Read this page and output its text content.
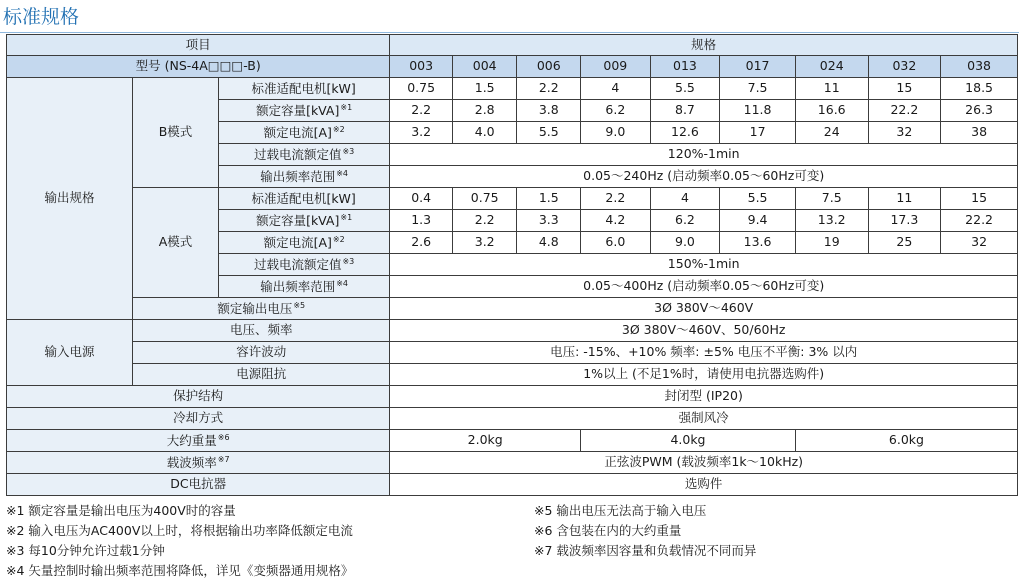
标准规格
项目			规格								
型号 (NS-4A□□□-B)			003	004	006	009	013	017	024	032	038
输出规格	B模式	标准适配电机[kW]	0.75	1.5	2.2	4	5.5	7.5	11	15	18.5
		额定容量[kVA]$^{※1}$	2.2	2.8	3.8	6.2	8.7	11.8	16.6	22.2	26.3
		额定电流$[A]^{※2}$	3.2	4.0	5.5	9.0	12.6	17	24	32	38
		过载电流额定值$^{※3}$	120%-1min								
		输出频率范围$^{※4}$	0.05～240Hz (启动频率0.05～60Hz可变)								
	A模式	标准适配电机[kW]	0.4	0.75	1.5	2.2	4	5.5	7.5	11	15
		额定容量[kVA]$^{※1}$	1.3	2.2	3.3	4.2	6.2	9.4	13.2	17.3	22.2
		额定电流$[A]^{※2}$	2.6	3.2	4.8	6.0	9.0	13.6	19	25	32
		过载电流额定值$^{※3}$	150%-1min								
		输出频率范围$^{※4}$	0.05～400Hz (启动频率0.05～60Hz可变)								
	额定输出电压$^{※5}$		3Ø 380V～460V								
输入电源	电压、频率		3Ø 380V～460V、50/60Hz								
	容许波动		电压: -15%、+10% 频率: ±5% 电压不平衡: 3% 以内								
	电源阻抗		1%以上 (不足1%时，请使用电抗器选购件)								
保护结构			封闭型 (IP20)								
冷却方式			强制风冷								
大约重量$^{※6}$			2.0kg			4.0kg			6.0kg		
载波频率$^{※7}$			正弦波PWM (载波频率1k～10kHz)								
DC电抗器			选购件								
※1 额定容量是输出电压为400V时的容量
※2 输入电压为AC400V以上时，将根据输出功率降低额定电流
※3 每10分钟允许过载1分钟
※4 矢量控制时输出频率范围将降低，详见《变频器通用规格》
※5 输出电压无法高于输入电压
※6 含包装在内的大约重量
※7 载波频率因容量和负载情况不同而异
